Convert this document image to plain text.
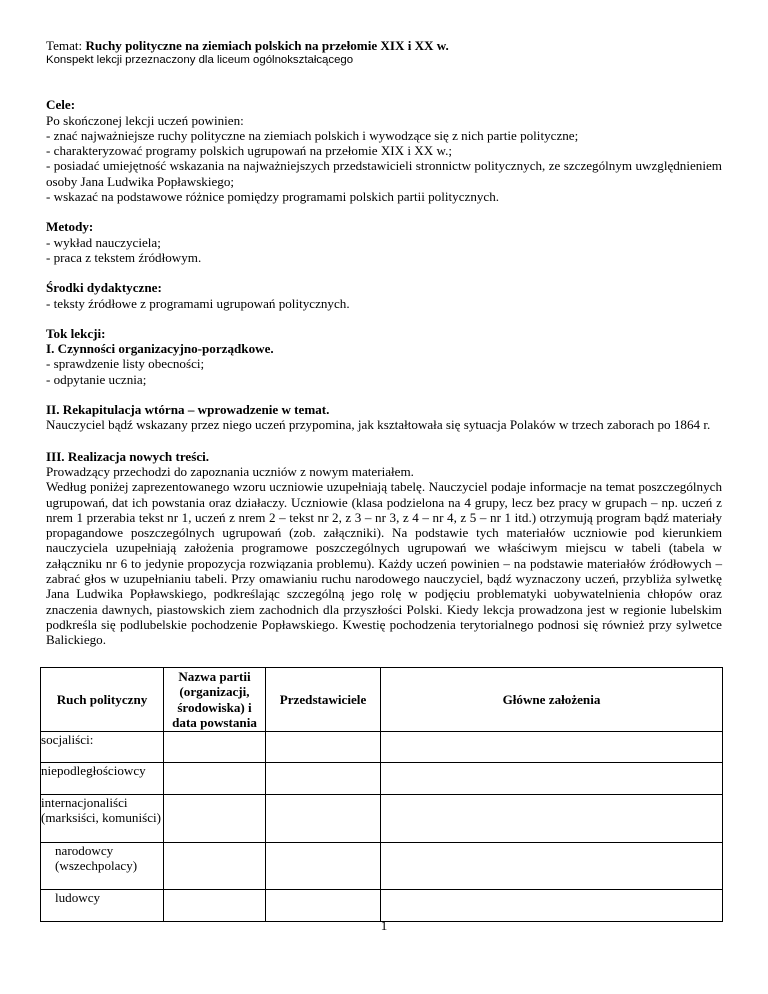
Temat: Ruchy polityczne na ziemiach polskich na przełomie XIX i XX w.

Konspekt lekcji przeznaczony dla liceum ogólnokształcącego

Cele:

Po skończonej lekcji uczeń powinien:

- znać najważniejsze ruchy polityczne na ziemiach polskich i wywodzące się z nich partie polityczne;

- charakteryzować programy polskich ugrupowań na przełomie XIX i XX w.;

- posiadać umiejętność wskazania na najważniejszych przedstawicieli stronnictw politycznych, ze szczególnym uwzględnieniem osoby Jana Ludwika Popławskiego;

- wskazać na podstawowe różnice pomiędzy programami polskich partii politycznych.

Metody:

- wykład nauczyciela;

- praca z tekstem źródłowym.

Środki dydaktyczne:

- teksty źródłowe z programami ugrupowań politycznych.

Tok lekcji:

I. Czynności organizacyjno-porządkowe.

- sprawdzenie listy obecności;

- odpytanie ucznia;

II. Rekapitulacja wtórna – wprowadzenie w temat.

Nauczyciel bądź wskazany przez niego uczeń przypomina, jak kształtowała się sytuacja Polaków w trzech zaborach po 1864 r.

III. Realizacja nowych treści.

Prowadzący przechodzi do zapoznania uczniów z nowym materiałem.

Według poniżej zaprezentowanego wzoru uczniowie uzupełniają tabelę. Nauczyciel podaje informacje na temat poszczególnych ugrupowań, dat ich powstania oraz działaczy. Uczniowie (klasa podzielona na 4 grupy, lecz bez pracy w grupach – np. uczeń z nrem 1 przerabia tekst nr 1, uczeń z nrem 2 – tekst nr 2, z 3 – nr 3, z 4 – nr 4, z 5 – nr 1 itd.) otrzymują program bądź materiały propagandowe poszczególnych ugrupowań (zob. załączniki). Na podstawie tych materiałów uczniowie pod kierunkiem nauczyciela uzupełniają założenia programowe poszczególnych ugrupowań we właściwym miejscu w tabeli (tabela w załączniku nr 6 to jedynie propozycja rozwiązania problemu). Każdy uczeń powinien – na podstawie materiałów źródłowych – zabrać głos w uzupełnianiu tabeli. Przy omawianiu ruchu narodowego nauczyciel, bądź wyznaczony uczeń, przybliża sylwetkę Jana Ludwika Popławskiego, podkreślając szczególną jego rolę w podjęciu problematyki uobywatelnienia chłopów oraz znaczenia dawnych, piastowskich ziem zachodnich dla przyszłości Polski. Kiedy lekcja prowadzona jest w regionie lubelskim podkreśla się podlubelskie pochodzenie Popławskiego. Kwestię pochodzenia terytorialnego podnosi się również przy sylwetce Balickiego.

Ruch polityczny	Nazwa partii (organizacji, środowiska) i data powstania	Przedstawiciele	Główne założenia
socjaliści:			
niepodległościowcy			
internacjonaliści (marksiści, komuniści)			
narodowcy (wszechpolacy)			
ludowcy			
1
